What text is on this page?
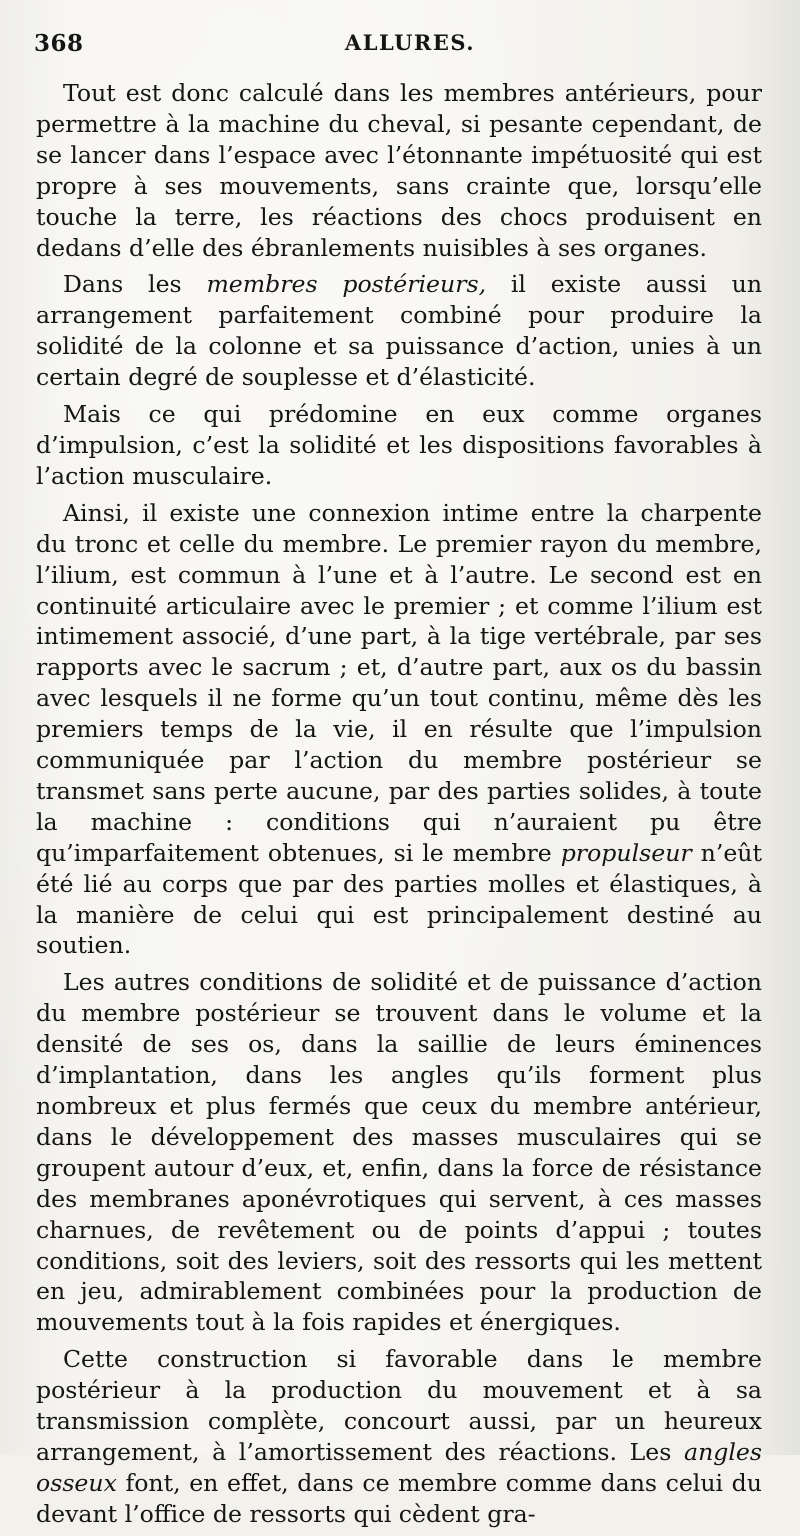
368	ALLURES.

Tout est donc calculé dans les membres antérieurs, pour permettre à la machine du cheval, si pesante cependant, de se lancer dans l’espace avec l’étonnante impétuosité qui est propre à ses mouvements, sans crainte que, lorsqu’elle touche la terre, les réactions des chocs produisent en dedans d’elle des ébranlements nuisibles à ses organes.

Dans les membres postérieurs, il existe aussi un arrangement parfaitement combiné pour produire la solidité de la colonne et sa puissance d’action, unies à un certain degré de souplesse et d’élasticité.

Mais ce qui prédomine en eux comme organes d’impulsion, c’est la solidité et les dispositions favorables à l’action musculaire.

Ainsi, il existe une connexion intime entre la charpente du tronc et celle du membre. Le premier rayon du membre, l’ilium, est commun à l’une et à l’autre. Le second est en continuité articulaire avec le premier ; et comme l’ilium est intimement associé, d’une part, à la tige vertébrale, par ses rapports avec le sacrum ; et, d’autre part, aux os du bassin avec lesquels il ne forme qu’un tout continu, même dès les premiers temps de la vie, il en résulte que l’impulsion communiquée par l’action du membre postérieur se transmet sans perte aucune, par des parties solides, à toute la machine : conditions qui n’auraient pu être qu’imparfaitement obtenues, si le membre propulseur n’eût été lié au corps que par des parties molles et élastiques, à la manière de celui qui est principalement destiné au soutien.

Les autres conditions de solidité et de puissance d’action du membre postérieur se trouvent dans le volume et la densité de ses os, dans la saillie de leurs éminences d’implantation, dans les angles qu’ils forment plus nombreux et plus fermés que ceux du membre antérieur, dans le développement des masses musculaires qui se groupent autour d’eux, et, enfin, dans la force de résistance des membranes aponévrotiques qui servent, à ces masses charnues, de revêtement ou de points d’appui ; toutes conditions, soit des leviers, soit des ressorts qui les mettent en jeu, admirablement combinées pour la production de mouvements tout à la fois rapides et énergiques.

Cette construction si favorable dans le membre postérieur à la production du mouvement et à sa transmission complète, concourt aussi, par un heureux arrangement, à l’amortissement des réactions. Les angles osseux font, en effet, dans ce membre comme dans celui du devant l’office de ressorts qui cèdent gra-
